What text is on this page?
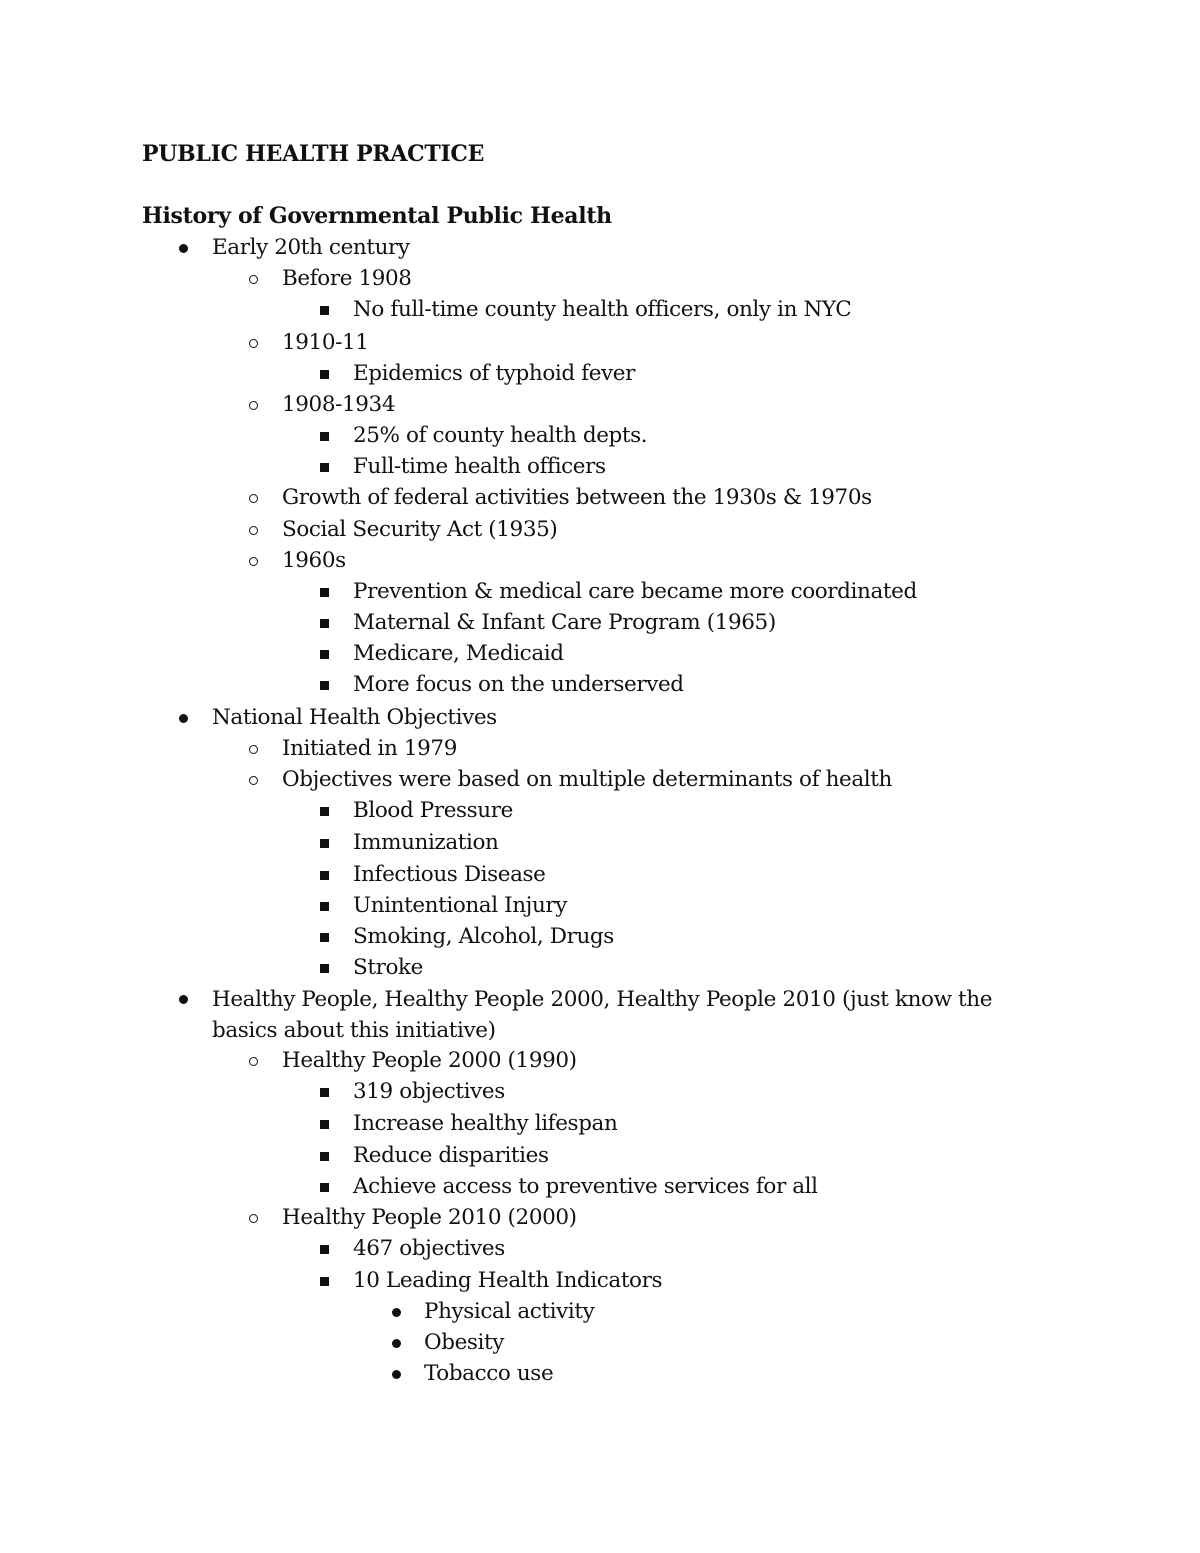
PUBLIC HEALTH PRACTICE
History of Governmental Public Health
Early 20th century
Before 1908
No full-time county health officers, only in NYC
1910-11
Epidemics of typhoid fever
1908-1934
25% of county health depts.
Full-time health officers
Growth of federal activities between the 1930s & 1970s
Social Security Act (1935)
1960s
Prevention & medical care became more coordinated
Maternal & Infant Care Program (1965)
Medicare, Medicaid
More focus on the underserved
National Health Objectives
Initiated in 1979
Objectives were based on multiple determinants of health
Blood Pressure
Immunization
Infectious Disease
Unintentional Injury
Smoking, Alcohol, Drugs
Stroke
Healthy People, Healthy People 2000, Healthy People 2010 (just know the basics about this initiative)
Healthy People 2000 (1990)
319 objectives
Increase healthy lifespan
Reduce disparities
Achieve access to preventive services for all
Healthy People 2010 (2000)
467 objectives
10 Leading Health Indicators
Physical activity
Obesity
Tobacco use
